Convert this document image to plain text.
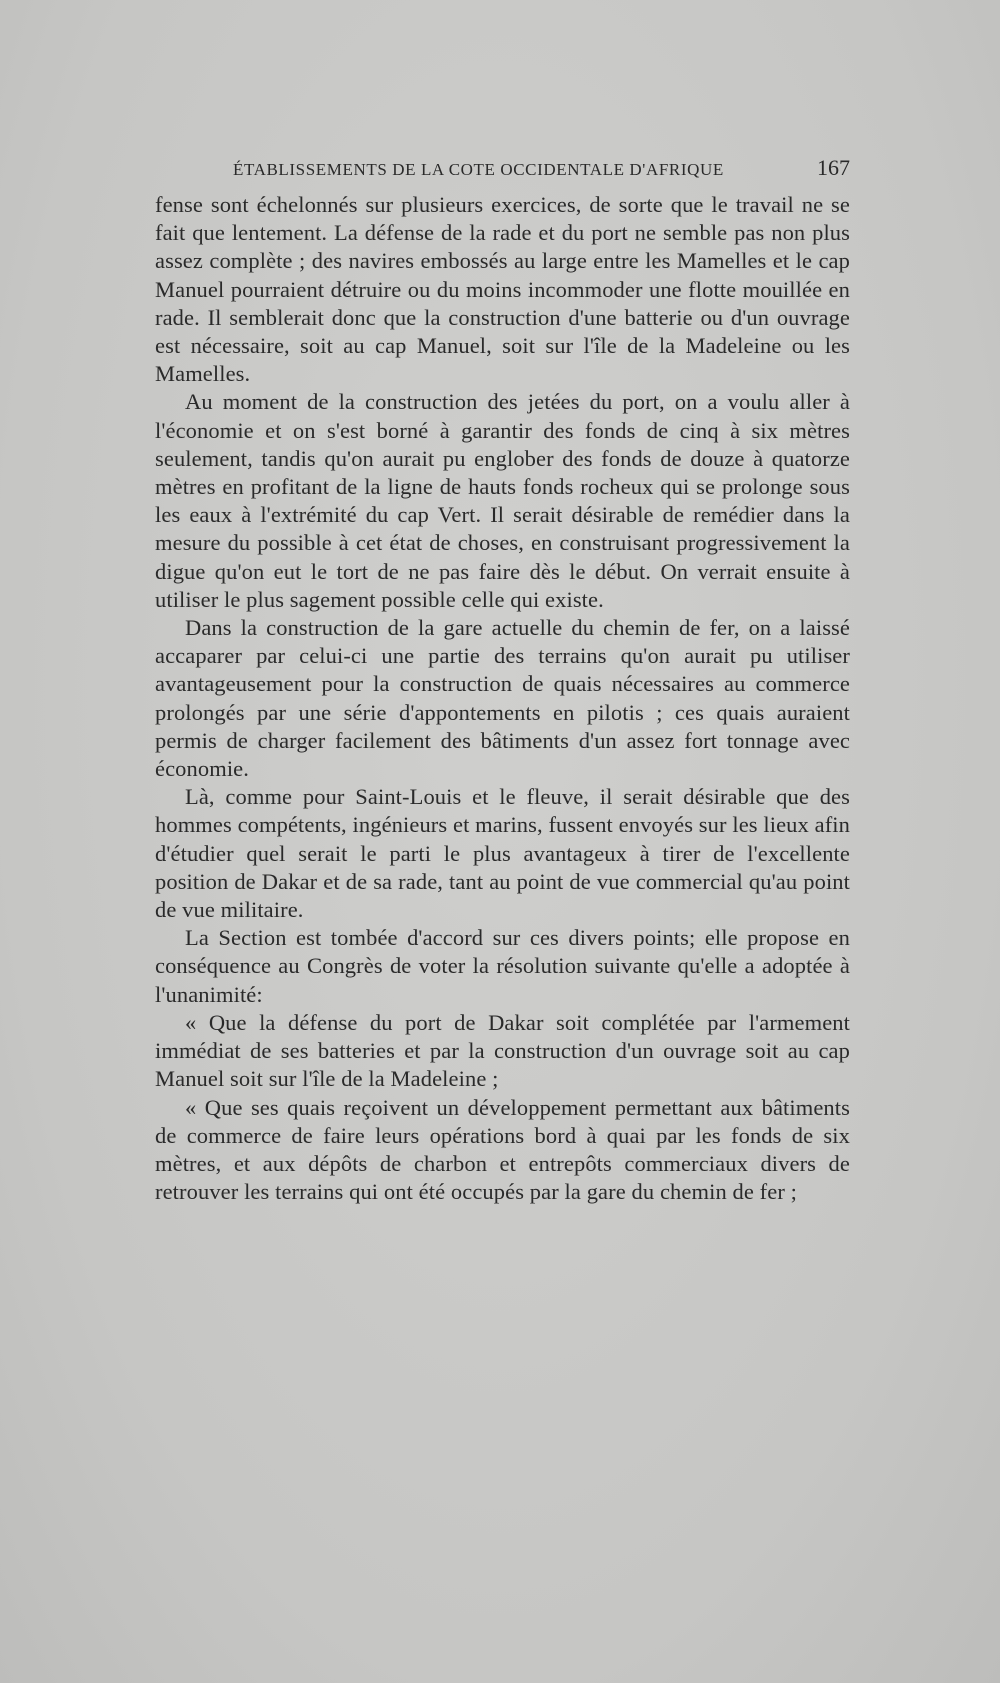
ÉTABLISSEMENTS DE LA COTE OCCIDENTALE D'AFRIQUE	167

fense sont échelonnés sur plusieurs exercices, de sorte que le travail ne se fait que lentement. La défense de la rade et du port ne semble pas non plus assez complète ; des navires embossés au large entre les Mamelles et le cap Manuel pourraient détruire ou du moins incommoder une flotte mouillée en rade. Il semblerait donc que la construction d'une batterie ou d'un ouvrage est nécessaire, soit au cap Manuel, soit sur l'île de la Madeleine ou les Mamelles.

Au moment de la construction des jetées du port, on a voulu aller à l'économie et on s'est borné à garantir des fonds de cinq à six mètres seulement, tandis qu'on aurait pu englober des fonds de douze à quatorze mètres en profitant de la ligne de hauts fonds rocheux qui se prolonge sous les eaux à l'extrémité du cap Vert. Il serait désirable de remédier dans la mesure du possible à cet état de choses, en construisant progressivement la digue qu'on eut le tort de ne pas faire dès le début. On verrait ensuite à utiliser le plus sagement possible celle qui existe.

Dans la construction de la gare actuelle du chemin de fer, on a laissé accaparer par celui-ci une partie des terrains qu'on aurait pu utiliser avantageusement pour la construction de quais nécessaires au commerce prolongés par une série d'appontements en pilotis ; ces quais auraient permis de charger facilement des bâtiments d'un assez fort tonnage avec économie.

Là, comme pour Saint-Louis et le fleuve, il serait désirable que des hommes compétents, ingénieurs et marins, fussent envoyés sur les lieux afin d'étudier quel serait le parti le plus avantageux à tirer de l'excellente position de Dakar et de sa rade, tant au point de vue commercial qu'au point de vue militaire.

La Section est tombée d'accord sur ces divers points; elle propose en conséquence au Congrès de voter la résolution suivante qu'elle a adoptée à l'unanimité:

« Que la défense du port de Dakar soit complétée par l'armement immédiat de ses batteries et par la construction d'un ouvrage soit au cap Manuel soit sur l'île de la Madeleine ;

« Que ses quais reçoivent un développement permettant aux bâtiments de commerce de faire leurs opérations bord à quai par les fonds de six mètres, et aux dépôts de charbon et entrepôts commerciaux divers de retrouver les terrains qui ont été occupés par la gare du chemin de fer ;
